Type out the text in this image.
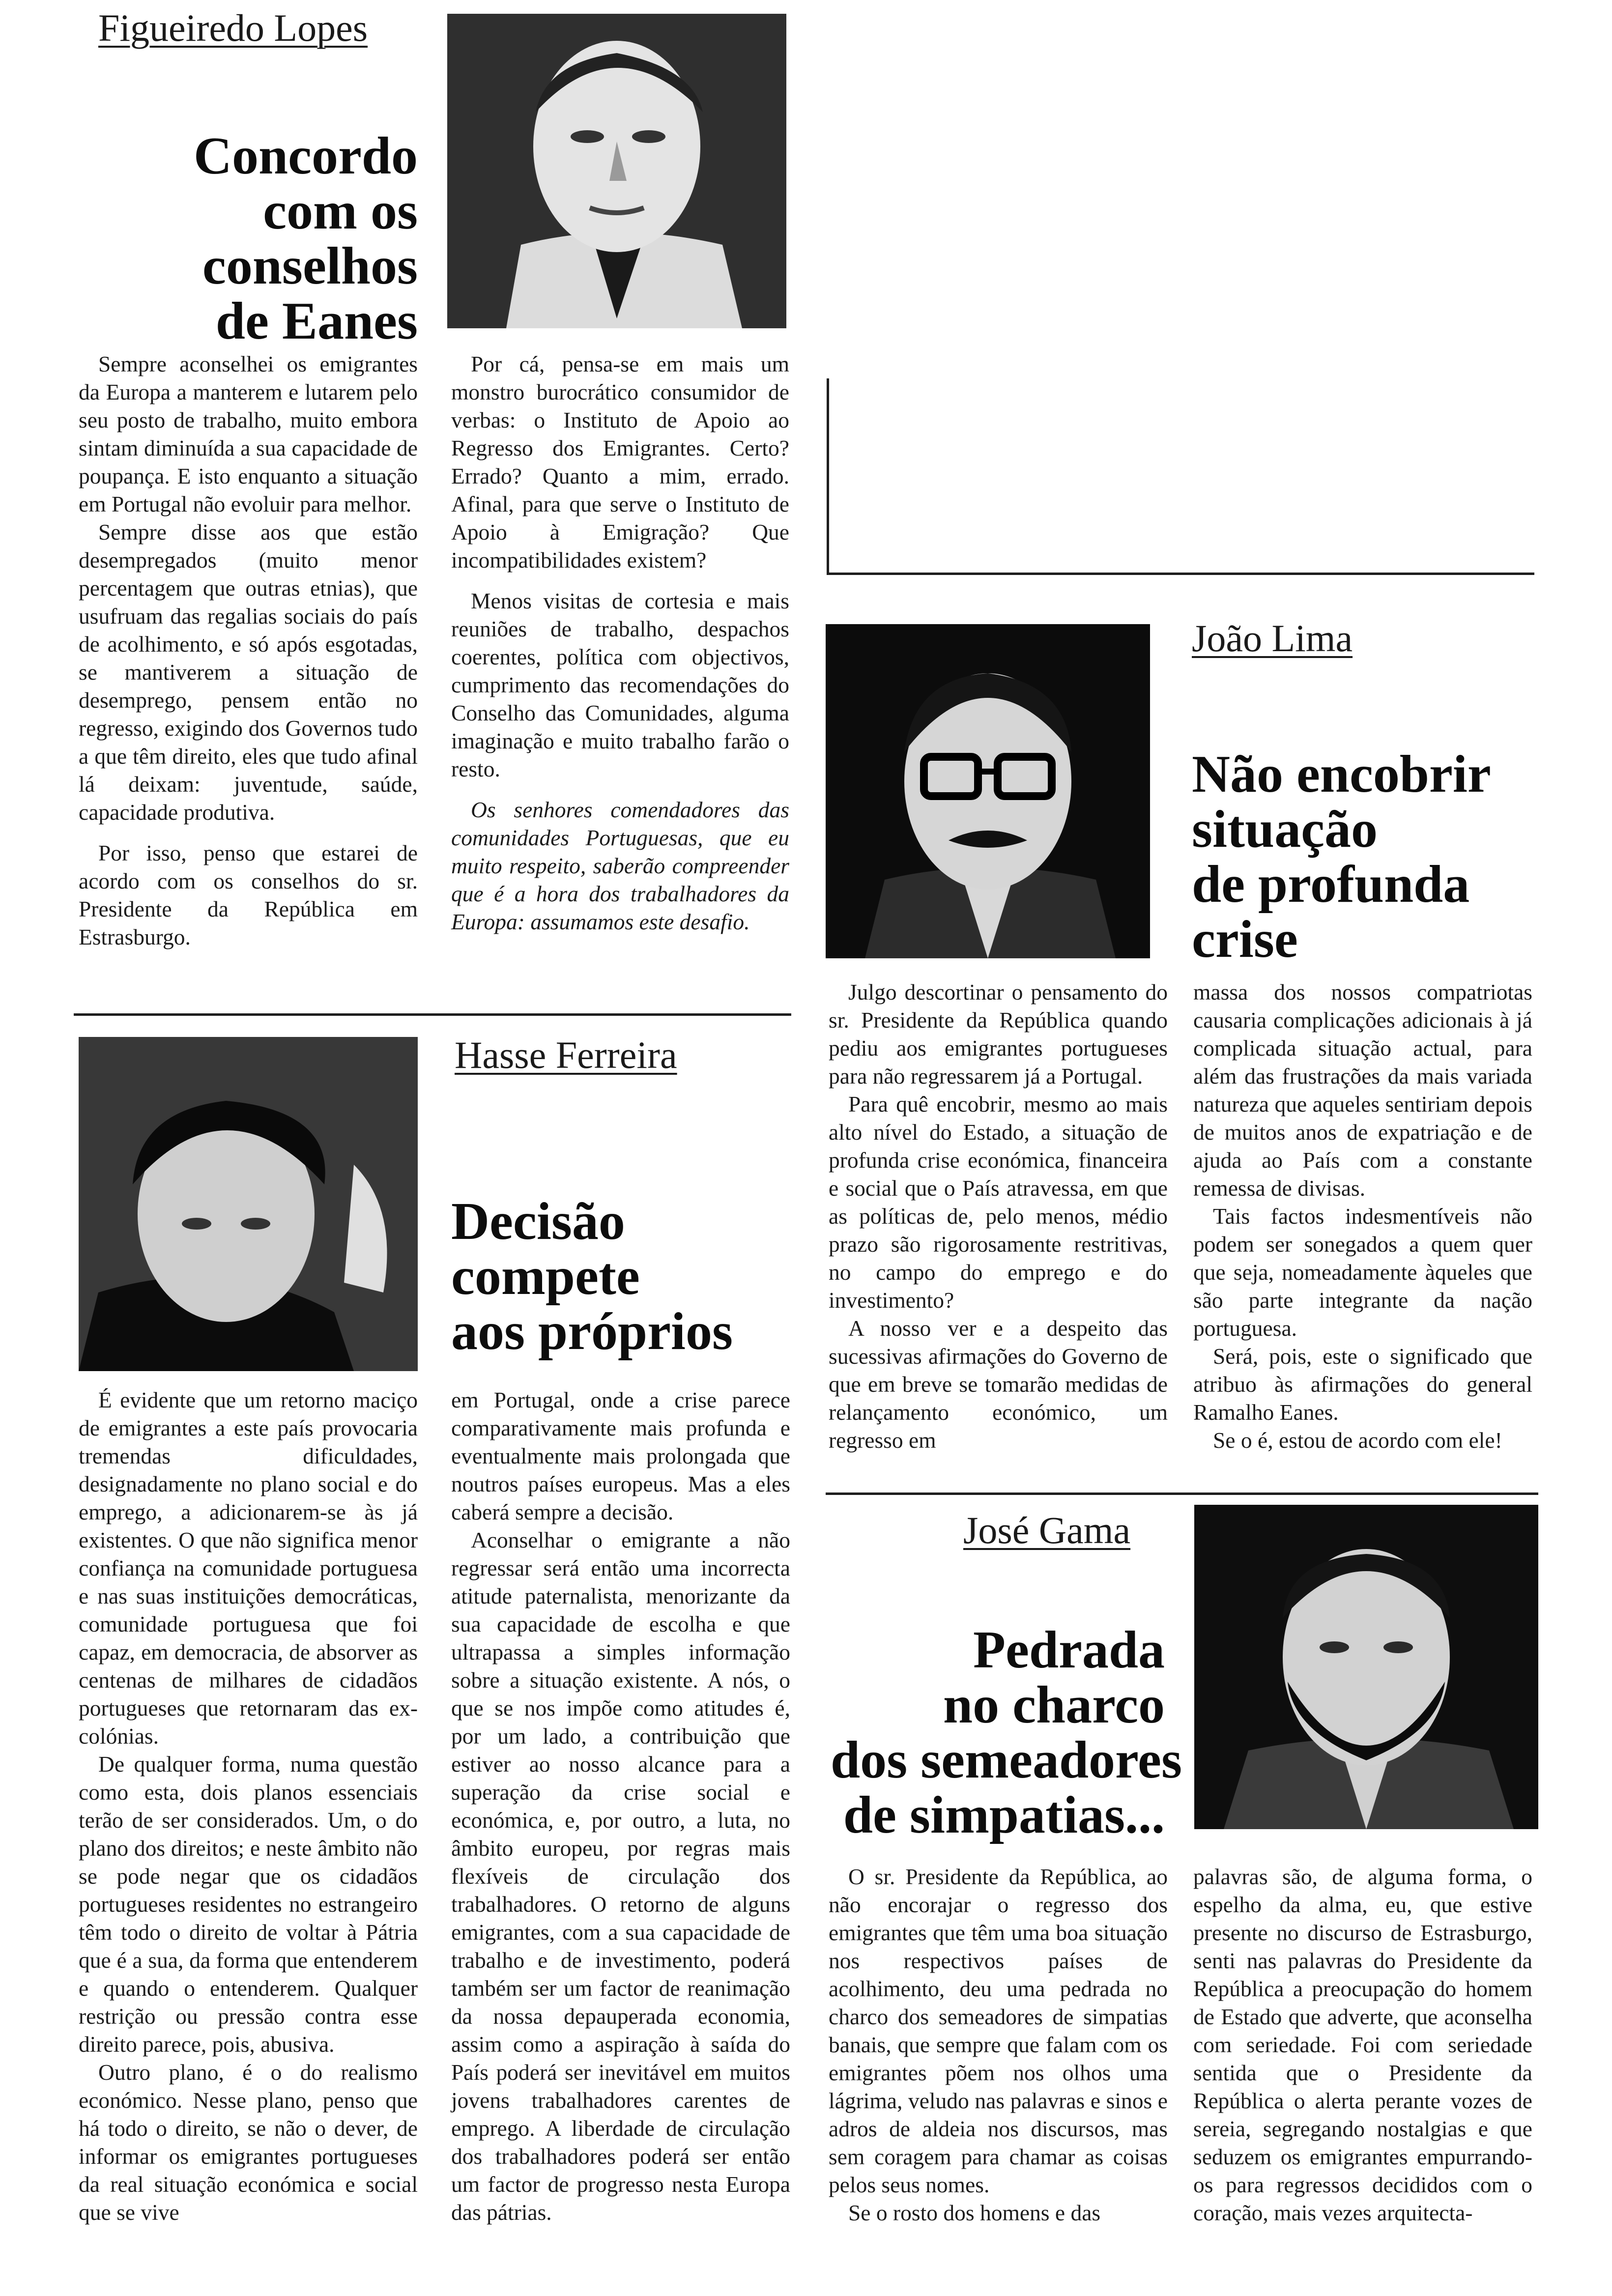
Figueiredo Lopes
Concordo
com os
conselhos
de Eanes

Sempre aconselhei os emigrantes da Europa a manterem e lutarem pelo seu posto de trabalho, muito embora sintam diminuída a sua capacidade de poupança. E isto enquanto a situação em Portugal não evoluir para melhor.

Sempre disse aos que estão desempregados (muito menor percentagem que outras etnias), que usufruam das regalias sociais do país de acolhimento, e só após esgotadas, se mantiverem a situação de desemprego, pensem então no regresso, exigindo dos Governos tudo a que têm direito, eles que tudo afinal lá deixam: juventude, saúde, capacidade produtiva.

Por isso, penso que estarei de acordo com os conselhos do sr. Presidente da República em Estrasburgo.

Por cá, pensa-se em mais um monstro burocrático consumidor de verbas: o Instituto de Apoio ao Regresso dos Emigrantes. Certo? Errado? Quanto a mim, errado. Afinal, para que serve o Instituto de Apoio à Emigração? Que incompatibilidades existem?

Menos visitas de cortesia e mais reuniões de trabalho, despachos coerentes, política com objectivos, cumprimento das recomendações do Conselho das Comunidades, alguma imaginação e muito trabalho farão o resto.

Os senhores comendadores das comunidades Portuguesas, que eu muito respeito, saberão compreender que é a hora dos trabalhadores da Europa: assumamos este desafio.

João Lima
Não encobrir
situação
de profunda
crise

Julgo descortinar o pensamento do sr. Presidente da República quando pediu aos emigrantes portugueses para não regressarem já a Portugal.

Para quê encobrir, mesmo ao mais alto nível do Estado, a situação de profunda crise económica, financeira e social que o País atravessa, em que as políticas de, pelo menos, médio prazo são rigorosamente restritivas, no campo do emprego e do investimento?

A nosso ver e a despeito das sucessivas afirmações do Governo de que em breve se tomarão medidas de relançamento económico, um regresso em

massa dos nossos compatriotas causaria complicações adicionais à já complicada situação actual, para além das frustrações da mais variada natureza que aqueles sentiriam depois de muitos anos de expatriação e de ajuda ao País com a constante remessa de divisas.

Tais factos indesmentíveis não podem ser sonegados a quem quer que seja, nomeadamente àqueles que são parte integrante da nação portuguesa.

Será, pois, este o significado que atribuo às afirmações do general Ramalho Eanes.

Se o é, estou de acordo com ele!

Hasse Ferreira
Decisão
compete
aos próprios

É evidente que um retorno maciço de emigrantes a este país provocaria tremendas dificuldades, designadamente no plano social e do emprego, a adicionarem-se às já existentes. O que não significa menor confiança na comunidade portuguesa e nas suas instituições democráticas, comunidade portuguesa que foi capaz, em democracia, de absorver as centenas de milhares de cidadãos portugueses que retornaram das ex-colónias.

De qualquer forma, numa questão como esta, dois planos essenciais terão de ser considerados. Um, o do plano dos direitos; e neste âmbito não se pode negar que os cidadãos portugueses residentes no estrangeiro têm todo o direito de voltar à Pátria que é a sua, da forma que entenderem e quando o entenderem. Qualquer restrição ou pressão contra esse direito parece, pois, abusiva.

Outro plano, é o do realismo económico. Nesse plano, penso que há todo o direito, se não o dever, de informar os emigrantes portugueses da real situação económica e social que se vive

em Portugal, onde a crise parece comparativamente mais profunda e eventualmente mais prolongada que noutros países europeus. Mas a eles caberá sempre a decisão.

Aconselhar o emigrante a não regressar será então uma incorrecta atitude paternalista, menorizante da sua capacidade de escolha e que ultrapassa a simples informação sobre a situação existente. A nós, o que se nos impõe como atitudes é, por um lado, a contribuição que estiver ao nosso alcance para a superação da crise social e económica, e, por outro, a luta, no âmbito europeu, por regras mais flexíveis de circulação dos trabalhadores. O retorno de alguns emigrantes, com a sua capacidade de trabalho e de investimento, poderá também ser um factor de reanimação da nossa depauperada economia, assim como a aspiração à saída do País poderá ser inevitável em muitos jovens trabalhadores carentes de emprego. A liberdade de circulação dos trabalhadores poderá ser então um factor de progresso nesta Europa das pátrias.

José Gama
Pedrada
no charco
dos semeadores
de simpatias...

O sr. Presidente da República, ao não encorajar o regresso dos emigrantes que têm uma boa situação nos respectivos países de acolhimento, deu uma pedrada no charco dos semeadores de simpatias banais, que sempre que falam com os emigrantes põem nos olhos uma lágrima, veludo nas palavras e sinos e adros de aldeia nos discursos, mas sem coragem para chamar as coisas pelos seus nomes.

Se o rosto dos homens e das

palavras são, de alguma forma, o espelho da alma, eu, que estive presente no discurso de Estrasburgo, senti nas palavras do Presidente da República a preocupação do homem de Estado que adverte, que aconselha com seriedade. Foi com seriedade sentida que o Presidente da República o alerta perante vozes de sereia, segregando nostalgias e que seduzem os emigrantes empurrando-os para regressos decididos com o coração, mais vezes arquitecta-
